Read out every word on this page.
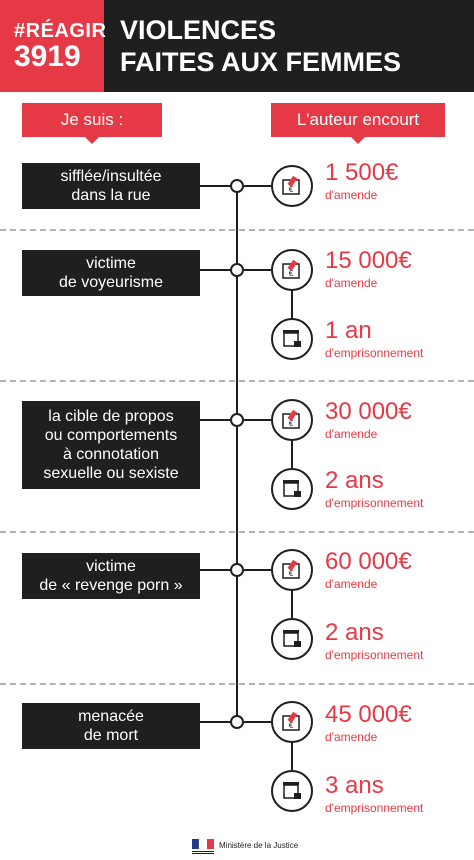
#RÉAGIR
3919
VIOLENCES
FAITES AUX FEMMES
Je suis :	L'auteur encourt
sifflée/insultée
dans la rue	€
1 500€
d'amende
victime
de voyeurisme
€ 15 000€
d'amende
1 an
d'emprisonnement
la cible de propos
ou comportements
à connotation
sexuelle ou sexiste
€ 30 000€
d'amende
2 ans
d'emprisonnement
victime
de « revenge porn »
€ 60 000€
d'amende
2 ans
d'emprisonnement
menacée
de mort
€ 45 000€
d'amende
3 ans
d'emprisonnement
Ministère de la Justice
